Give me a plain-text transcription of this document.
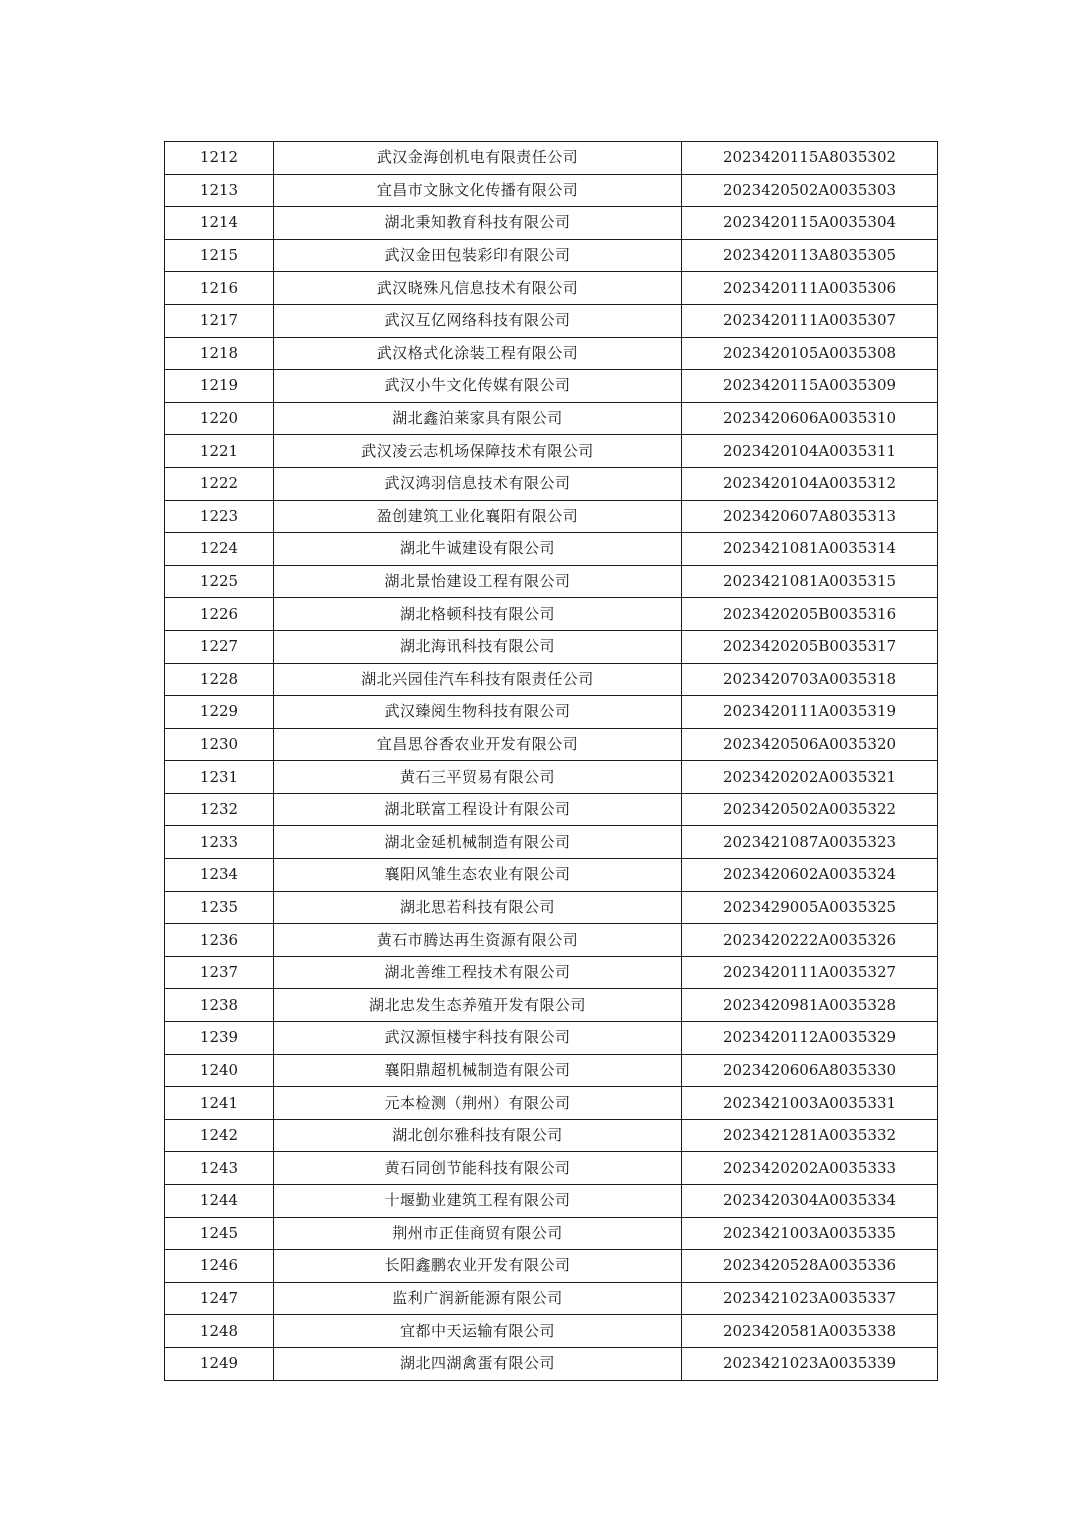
1212	武汉金海创机电有限责任公司	2023420115A8035302
1213	宜昌市文脉文化传播有限公司	2023420502A0035303
1214	湖北秉知教育科技有限公司	2023420115A0035304
1215	武汉金田包装彩印有限公司	2023420113A8035305
1216	武汉晓殊凡信息技术有限公司	2023420111A0035306
1217	武汉互亿网络科技有限公司	2023420111A0035307
1218	武汉格式化涂装工程有限公司	2023420105A0035308
1219	武汉小牛文化传媒有限公司	2023420115A0035309
1220	湖北鑫泊莱家具有限公司	2023420606A0035310
1221	武汉凌云志机场保障技术有限公司	2023420104A0035311
1222	武汉鸿羽信息技术有限公司	2023420104A0035312
1223	盈创建筑工业化襄阳有限公司	2023420607A8035313
1224	湖北牛诚建设有限公司	2023421081A0035314
1225	湖北景怡建设工程有限公司	2023421081A0035315
1226	湖北格顿科技有限公司	2023420205B0035316
1227	湖北海讯科技有限公司	2023420205B0035317
1228	湖北兴园佳汽车科技有限责任公司	2023420703A0035318
1229	武汉臻阅生物科技有限公司	2023420111A0035319
1230	宜昌思谷香农业开发有限公司	2023420506A0035320
1231	黄石三平贸易有限公司	2023420202A0035321
1232	湖北联富工程设计有限公司	2023420502A0035322
1233	湖北金延机械制造有限公司	2023421087A0035323
1234	襄阳风雏生态农业有限公司	2023420602A0035324
1235	湖北思若科技有限公司	2023429005A0035325
1236	黄石市腾达再生资源有限公司	2023420222A0035326
1237	湖北善维工程技术有限公司	2023420111A0035327
1238	湖北忠发生态养殖开发有限公司	2023420981A0035328
1239	武汉源恒楼宇科技有限公司	2023420112A0035329
1240	襄阳鼎超机械制造有限公司	2023420606A8035330
1241	元本检测（荆州）有限公司	2023421003A0035331
1242	湖北创尔雅科技有限公司	2023421281A0035332
1243	黄石同创节能科技有限公司	2023420202A0035333
1244	十堰勤业建筑工程有限公司	2023420304A0035334
1245	荆州市正佳商贸有限公司	2023421003A0035335
1246	长阳鑫鹏农业开发有限公司	2023420528A0035336
1247	监利广润新能源有限公司	2023421023A0035337
1248	宜都中天运输有限公司	2023420581A0035338
1249	湖北四湖禽蛋有限公司	2023421023A0035339
